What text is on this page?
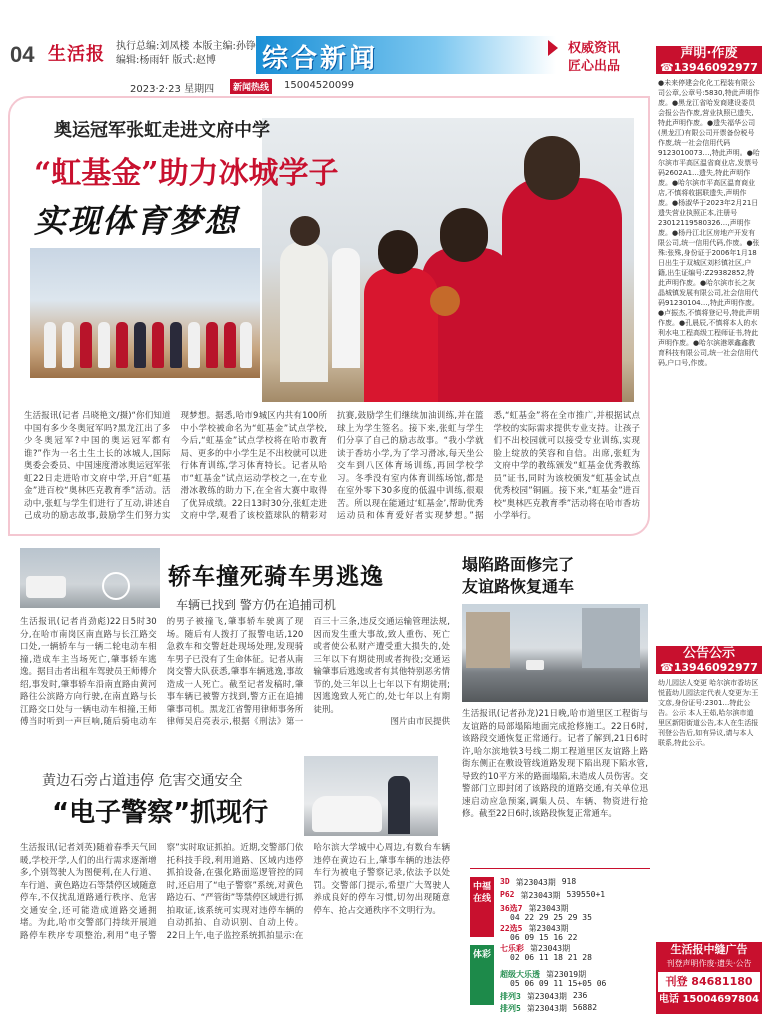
04 生活报 执行总编:刘凤楼 本版主编:孙铮
编辑:杨雨轩 版式:赵博	综合新闻	权威资讯
匠心出品
2023·2·23 星期四	新闻热线	15004520099
奥运冠军张虹走进文府中学
“虹基金”助力冰城学子
实现体育梦想
生活报讯(记者 吕晓艳文/摄)“你们知道中国有多少冬奥冠军吗?黑龙江出了多少冬奥冠军?中国的奥运冠军都有谁?”作为一名土生土长的冰城人,国际奥委会委员、中国速度滑冰奥运冠军张虹22日走进哈市文府中学,开启“虹基金”进百校“奥林匹克教育季”活动。活动中,张虹与学生们进行了互动,讲述自己成功的励志故事,鼓励学生们努力实现梦想。据悉,哈市9城区内共有100所中小学校被命名为“虹基金”试点学校,今后,“虹基金”试点学校将在哈市教育局、更多的中小学生足不出校就可以进行体育训练,学习体育特长。记者从哈市“虹基金”试点运动学校之一,在专业滑冰教练的助力下,在全省大赛中取得了优异成绩。22日13时30分,张虹走进文府中学,观看了该校篮球队的精彩对抗赛,鼓励学生们继续加油训练,并在篮球上为学生签名。接下来,张虹与学生们分享了自己的励志故事。“我小学就读于香坊小学,为了学习滑冰,每天坐公交车到八区体育场训练,再回学校学习。冬季没有室内体育训练场馆,都是在室外零下30多度的低温中训练,很艰苦。所以现在能通过‘虹基金’,帮助优秀运动员和体育爱好者实现梦想。”据悉,“虹基金”将在全市推广,并根据试点学校的实际需求提供专业支持。让孩子们不出校园就可以接受专业训练,实现脸上绽放的笑容和自信。出席,张虹为文府中学的教练颁发“虹基金优秀教练员”证书,同时为该校颁发“虹基金试点优秀校园”铜匾。接下来,“虹基金”进百校“奥林匹克教育季”活动将在哈市香坊小学举行。
轿车撞死骑车男逃逸
车辆已找到 警方仍在追捕司机
生活报讯(记者肖劲彪)22日5时30分,在哈市南岗区南直路与长江路交口处,一辆轿车与一辆二轮电动车相撞,造成车主当场死亡,肇事轿车逃逸。据目击者出租车驾驶员王师傅介绍,事发时,肇事轿车沿南直路由黄河路往公滨路方向行驶,在南直路与长江路交口处与一辆电动车相撞,王师傅当时听到一声巨响,随后骑电动车的男子被撞飞,肇事轿车驶离了现场。随后有人拨打了报警电话,120急救车和交警赶赴现场处理,发现骑车男子已没有了生命体征。记者从南岗交警大队获悉,肇事车辆逃逸,事故造成一人死亡。截至记者发稿时,肇事车辆已被警方找到,警方正在追捕肇事司机。黑龙江省警用律师事务所律师吴启亮表示,根据《刑法》第一百三十三条,违反交通运输管理法规,因而发生重大事故,致人重伤、死亡或者使公私财产遭受重大损失的,处三年以下有期徒刑或者拘役;交通运输肇事后逃逸或者有其他特别恶劣情节的,处三年以上七年以下有期徒刑;因逃逸致人死亡的,处七年以上有期徒刑。
图片由市民提供
塌陷路面修完了
友谊路恢复通车
生活报讯(记者孙龙)21日晚,哈市道里区工程街与友谊路的局部塌陷地面完成抢修施工。22日6时,该路段交通恢复正常通行。记者了解到,21日6时许,哈尔滨地铁3号线二期工程道里区友谊路上路街东侧正在敷设管线道路发现下陷出现下陷水管,导致约10平方米的路面塌陷,未造成人员伤害。交警部门立即封闭了该路段的道路交通,有关单位迅速启动应急预案,调集人员、车辆、物资进行抢修。截至22日6时,该路段恢复正常通车。
黄边石旁占道违停 危害交通安全
“电子警察”抓现行
生活报讯(记者刘英)随着春季天气回暖,学校开学,人们的出行需求逐渐增多,个别驾驶人为图便利,在人行道、车行道、黄色路边石等禁停区域随意停车,不仅扰乱道路通行秩序、危害交通安全,还可能造成道路交通拥堵。为此,哈市交警部门持续开展道路停车秩序专项整治,利用“电子警察”实时取证抓拍。近期,交警部门依托科技手段,利用道路、区域内违停抓拍设备,在强化路面巡逻管控的同时,还启用了“电子警察”系统,对黄色路边石、“严管街”等禁停区域进行抓拍取证,该系统可实现对违停车辆的自动抓拍、自动识别、自动上传。22日上午,电子监控系统抓拍显示:在哈尔滨大学城中心周边,有数台车辆违停在黄边石上,肇事车辆的违法停车行为被电子警察记录,依法予以处罚。交警部门提示,希望广大驾驶人养成良好的停车习惯,切勿出现随意停车、抢占交通秩序不文明行为。
中福在线
体彩
3D 第23043期 918
P62 第23043期 539550+1
36选7 第23043期
04 22 29 25 29 35
22选5 第23043期
06 09 15 16 22
七乐彩 第23043期
02 06 11 18 21 28
超级大乐透 第23019期
05 06 09 11 15+05 06
排列3 第23043期 236
排列5 第23043期 56882
声明·作废
☎13946092977
●未来停建会化化工程装有限公司公章,公章号:5830,特此声明作废。●黑龙江省哈发商建设委员会报公告作废,营业执照已遗失,特此声明作废。●遗失福华公司(黑龙江)有限公司开票备份税号作废,统一社会信用代码9123010073…,特此声明。●哈尔滨市平高区温省商业店,发票号码2602A1…遗失,特此声明作废。●哈尔滨市平高区温育商业店,不慎将收据联遗失,声明作废。●杨淑华于2023年2月21日遗失营业执照正本,注册号23012119580326…,声明作废。●杨丹江北区房地产开发有限公司,统一信用代码,作废。●张殊:张殊,身份证于2006年1月18日出生于双城区刘杉镇社区,户籍,出生证编号:Z29382852,特此声明作废。●哈尔滨市长之灰晶城镇发展有限公司,社会信用代码91230104…,特此声明作废。●卢振杰,不慎将登记号,特此声明作废。●孔晨辰,不慎将本人的水利水电工程高级工程师证书,特此声明作废。●哈尔滨港翠鑫鑫教育科技有限公司,统一社会信用代码,户口号,作废。
公告公示
☎13946092977
幼儿园法人变更 哈尔滨市香坊区悦蓝幼儿园法定代表人变更为:王文彦,身份证号:2301…特此公告。公示 本人王茹,哈尔滨市道里区新阳街道公告,本人在生活报刊登公告后,如有异议,请与本人联系,特此公示。
生活报中缝广告
刊登声明作废·遗失·公告
刊登 84681180
电话 15004697804
